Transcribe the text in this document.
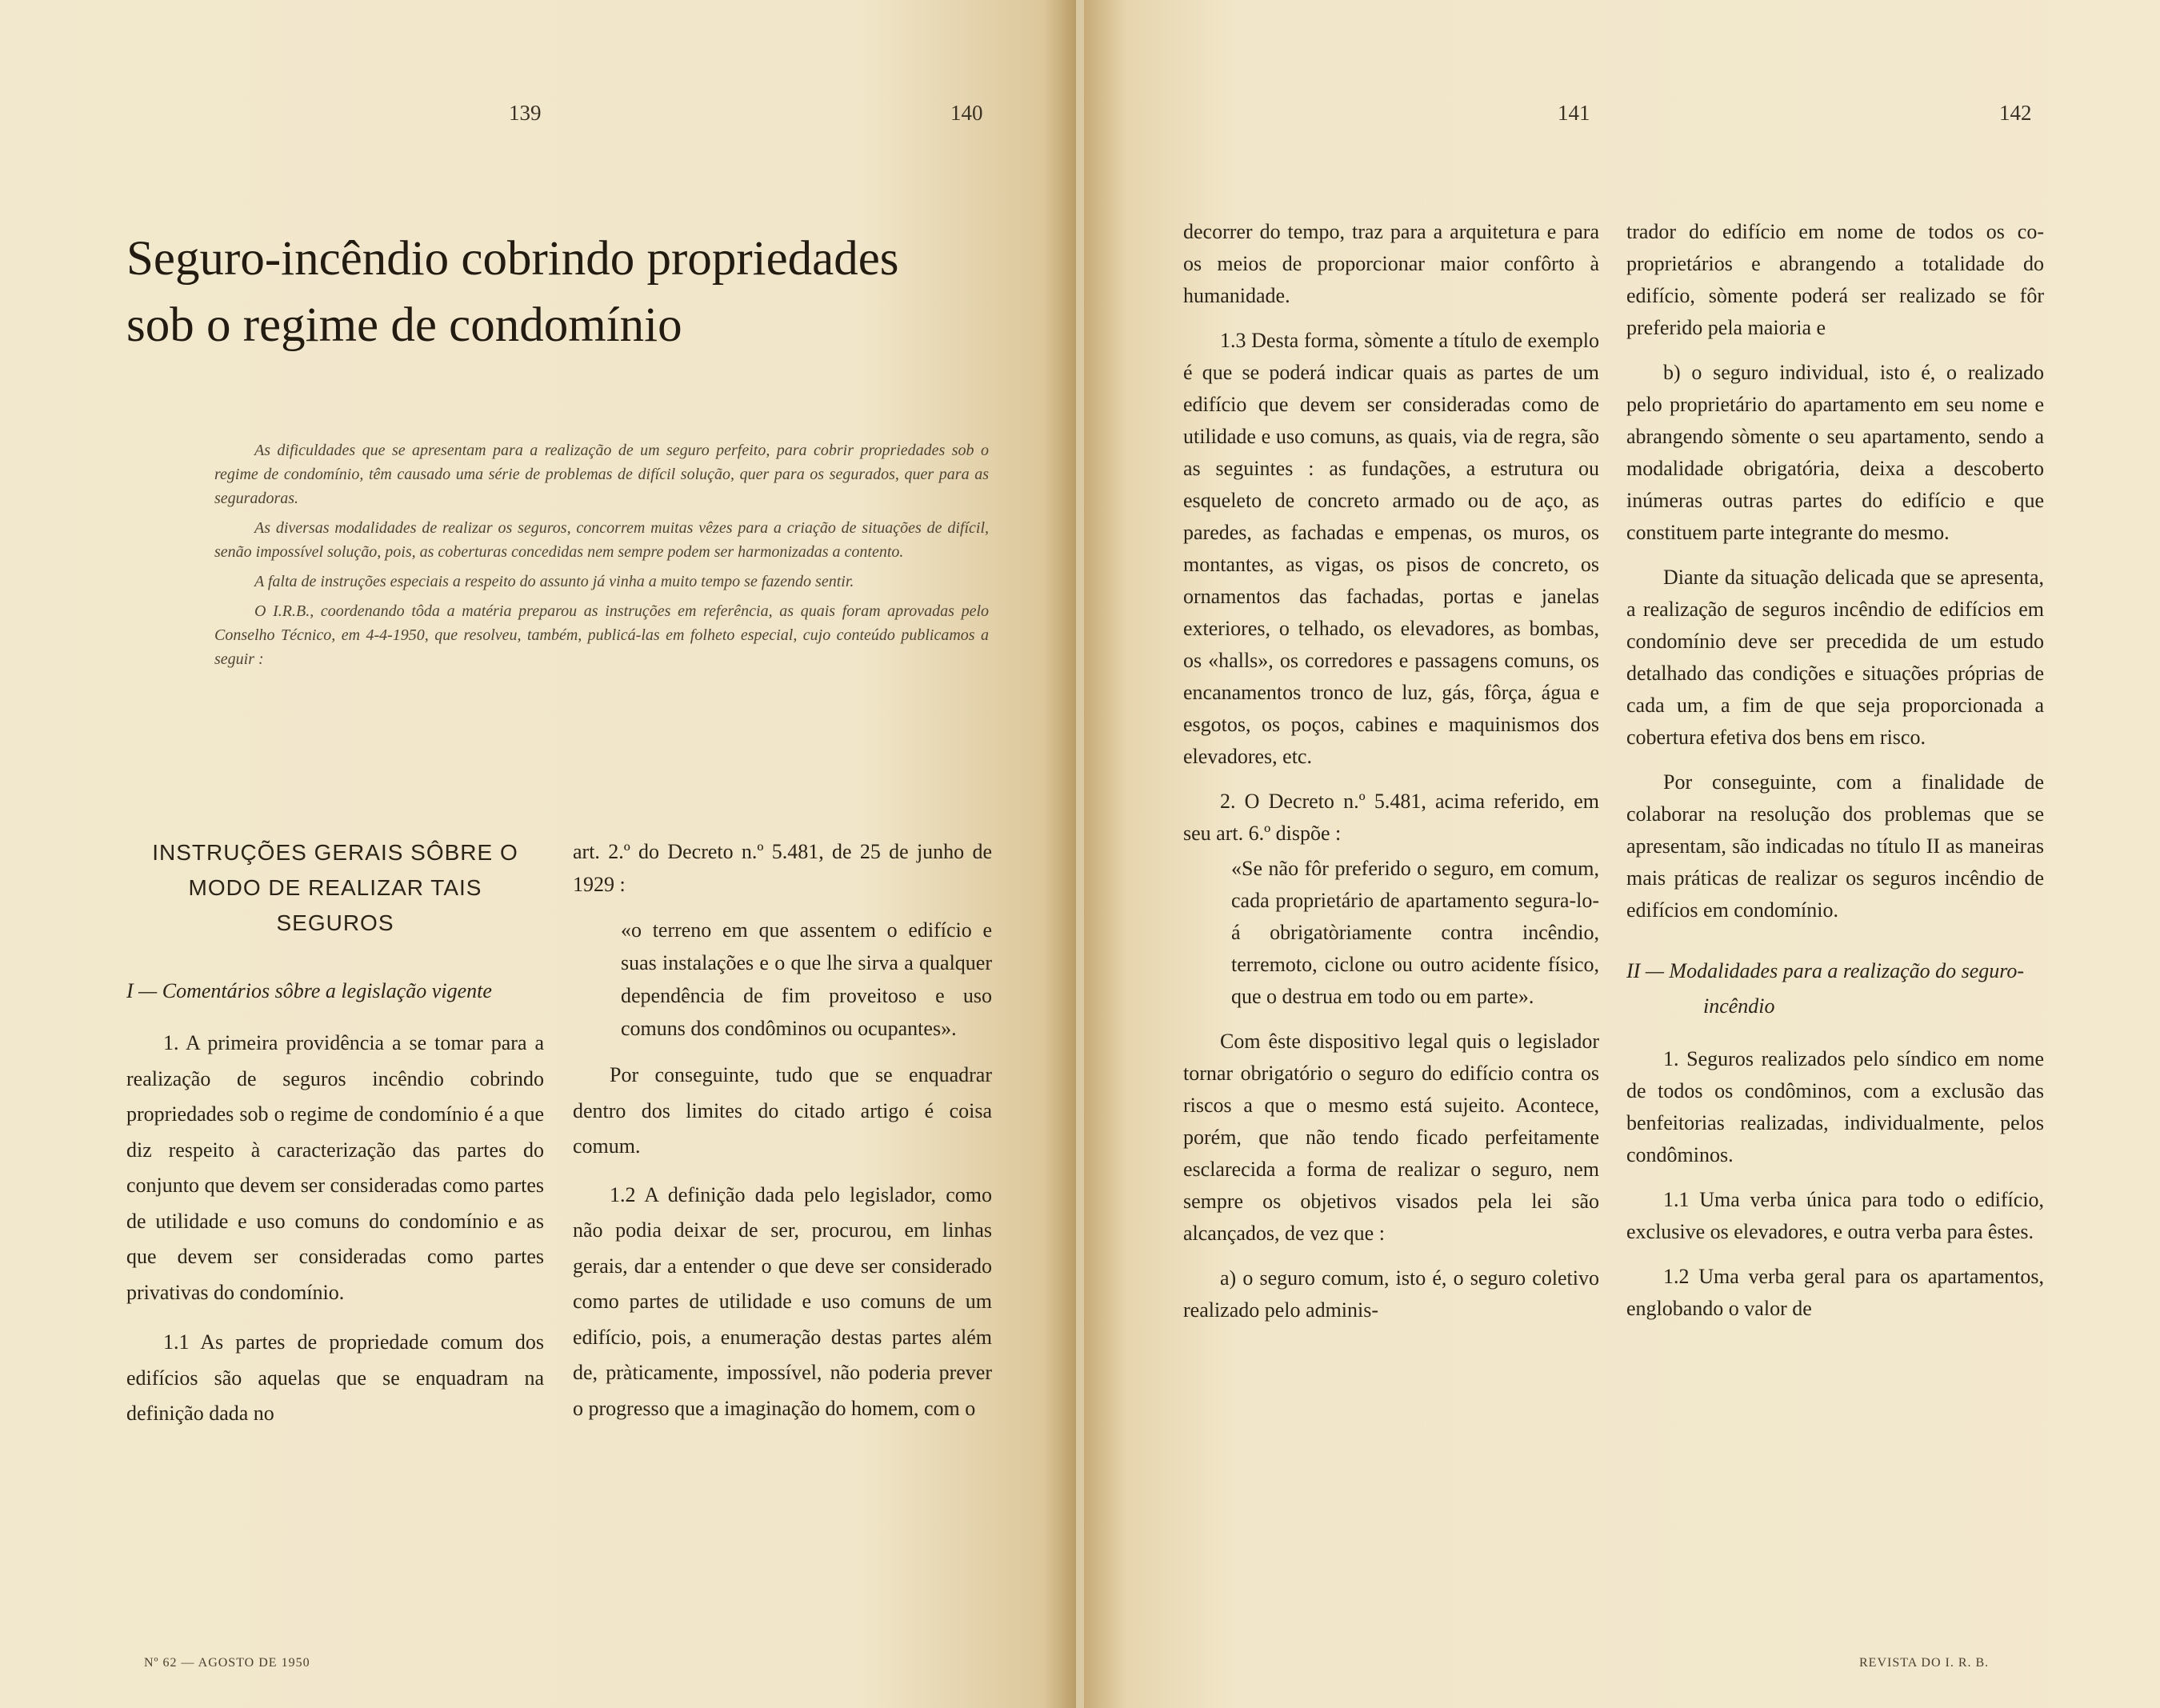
139	140
Seguro-incêndio cobrindo propriedades
sob o regime de condomínio

As dificuldades que se apresentam para a realização de um seguro perfeito, para cobrir propriedades sob o regime de condomínio, têm causado uma série de problemas de difícil solução, quer para os segurados, quer para as seguradoras.

As diversas modalidades de realizar os seguros, concorrem muitas vêzes para a criação de situações de difícil, senão impossível solução, pois, as coberturas concedidas nem sempre podem ser harmonizadas a contento.

A falta de instruções especiais a respeito do assunto já vinha a muito tempo se fazendo sentir.

O I.R.B., coordenando tôda a matéria preparou as instruções em referência, as quais foram aprovadas pelo Conselho Técnico, em 4-4-1950, que resolveu, também, publicá-las em folheto especial, cujo conteúdo publicamos a seguir :

INSTRUÇÕES GERAIS SÔBRE O MODO DE REALIZAR TAIS SEGUROS

I — Comentários sôbre a legislação vigente

1. A primeira providência a se tomar para a realização de seguros incêndio cobrindo propriedades sob o regime de condomínio é a que diz respeito à caracterização das partes do conjunto que devem ser consideradas como partes de utilidade e uso comuns do condomínio e as que devem ser consideradas como partes privativas do condomínio.

1.1 As partes de propriedade comum dos edifícios são aquelas que se enquadram na definição dada no

art. 2.º do Decreto n.º 5.481, de 25 de junho de 1929 :

«o terreno em que assentem o edifício e suas instalações e o que lhe sirva a qualquer dependência de fim proveitoso e uso comuns dos condôminos ou ocupantes».

Por conseguinte, tudo que se enquadrar dentro dos limites do citado artigo é coisa comum.

1.2 A definição dada pelo legislador, como não podia deixar de ser, procurou, em linhas gerais, dar a entender o que deve ser considerado como partes de utilidade e uso comuns de um edifício, pois, a enumeração destas partes além de, pràticamente, impossível, não poderia prever o progresso que a imaginação do homem, com o

Nº 62 — AGOSTO DE 1950
141	142

decorrer do tempo, traz para a arquitetura e para os meios de proporcionar maior confôrto à humanidade.

1.3 Desta forma, sòmente a título de exemplo é que se poderá indicar quais as partes de um edifício que devem ser consideradas como de utilidade e uso comuns, as quais, via de regra, são as seguintes : as fundações, a estrutura ou esqueleto de concreto armado ou de aço, as paredes, as fachadas e empenas, os muros, os montantes, as vigas, os pisos de concreto, os ornamentos das fachadas, portas e janelas exteriores, o telhado, os elevadores, as bombas, os «halls», os corredores e passagens comuns, os encanamentos tronco de luz, gás, fôrça, água e esgotos, os poços, cabines e maquinismos dos elevadores, etc.

2. O Decreto n.º 5.481, acima referido, em seu art. 6.º dispõe :

«Se não fôr preferido o seguro, em comum, cada proprietário de apartamento segura-lo-á obrigatòriamente contra incêndio, terremoto, ciclone ou outro acidente físico, que o destrua em todo ou em parte».

Com êste dispositivo legal quis o legislador tornar obrigatório o seguro do edifício contra os riscos a que o mesmo está sujeito. Acontece, porém, que não tendo ficado perfeitamente esclarecida a forma de realizar o seguro, nem sempre os objetivos visados pela lei são alcançados, de vez que :

a) o seguro comum, isto é, o seguro coletivo realizado pelo adminis-

trador do edifício em nome de todos os co-proprietários e abrangendo a totalidade do edifício, sòmente poderá ser realizado se fôr preferido pela maioria e

b) o seguro individual, isto é, o realizado pelo proprietário do apartamento em seu nome e abrangendo sòmente o seu apartamento, sendo a modalidade obrigatória, deixa a descoberto inúmeras outras partes do edifício e que constituem parte integrante do mesmo.

Diante da situação delicada que se apresenta, a realização de seguros incêndio de edifícios em condomínio deve ser precedida de um estudo detalhado das condições e situações próprias de cada um, a fim de que seja proporcionada a cobertura efetiva dos bens em risco.

Por conseguinte, com a finalidade de colaborar na resolução dos problemas que se apresentam, são indicadas no título II as maneiras mais práticas de realizar os seguros incêndio de edifícios em condomínio.

II — Modalidades para a realização do seguro-incêndio

1. Seguros realizados pelo síndico em nome de todos os condôminos, com a exclusão das benfeitorias realizadas, individualmente, pelos condôminos.

1.1 Uma verba única para todo o edifício, exclusive os elevadores, e outra verba para êstes.

1.2 Uma verba geral para os apartamentos, englobando o valor de

REVISTA DO I. R. B.
